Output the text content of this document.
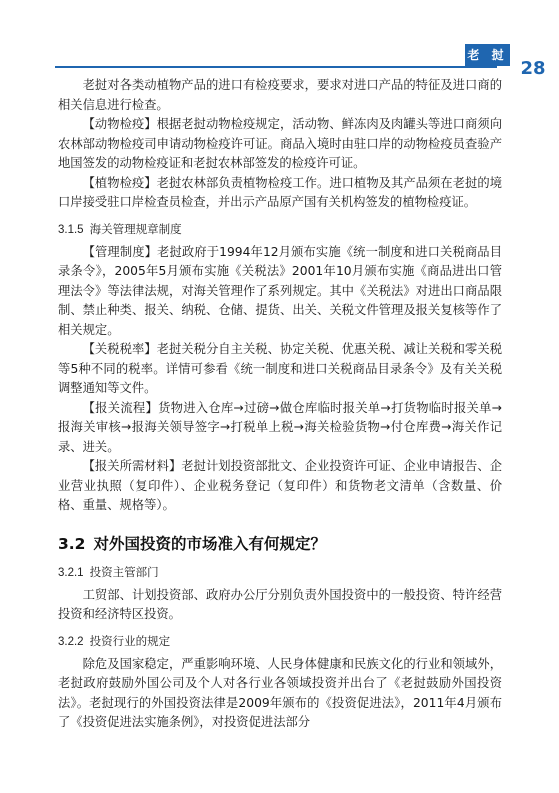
老 挝
28

老挝对各类动植物产品的进口有检疫要求，要求对进口产品的特征及进口商的相关信息进行检查。

【动物检疫】根据老挝动物检疫规定，活动物、鲜冻肉及肉罐头等进口商须向农林部动物检疫司申请动物检疫许可证。商品入境时由驻口岸的动物检疫员查验产地国签发的动物检疫证和老挝农林部签发的检疫许可证。

【植物检疫】老挝农林部负责植物检疫工作。进口植物及其产品须在老挝的境口岸接受驻口岸检查员检查，并出示产品原产国有关机构签发的植物检疫证。

3.1.5 海关管理规章制度

【管理制度】老挝政府于1994年12月颁布实施《统一制度和进口关税商品目录条令》，2005年5月颁布实施《关税法》2001年10月颁布实施《商品进出口管理法令》等法律法规，对海关管理作了系列规定。其中《关税法》对进出口商品限制、禁止种类、报关、纳税、仓储、提货、出关、关税文件管理及报关复核等作了相关规定。

【关税税率】老挝关税分自主关税、协定关税、优惠关税、减让关税和零关税等5种不同的税率。详情可参看《统一制度和进口关税商品目录条令》及有关关税调整通知等文件。

【报关流程】货物进入仓库→过磅→做仓库临时报关单→打货物临时报关单→报海关审核→报海关领导签字→打税单上税→海关检验货物→付仓库费→海关作记录、进关。

【报关所需材料】老挝计划投资部批文、企业投资许可证、企业申请报告、企业营业执照（复印件）、企业税务登记（复印件）和货物老文清单（含数量、价格、重量、规格等）。

3.2 对外国投资的市场准入有何规定？
3.2.1 投资主管部门

工贸部、计划投资部、政府办公厅分别负责外国投资中的一般投资、特许经营投资和经济特区投资。

3.2.2 投资行业的规定

除危及国家稳定，严重影响环境、人民身体健康和民族文化的行业和领域外，老挝政府鼓励外国公司及个人对各行业各领域投资并出台了《老挝鼓励外国投资法》。老挝现行的外国投资法律是2009年颁布的《投资促进法》，2011年4月颁布了《投资促进法实施条例》，对投资促进法部分
